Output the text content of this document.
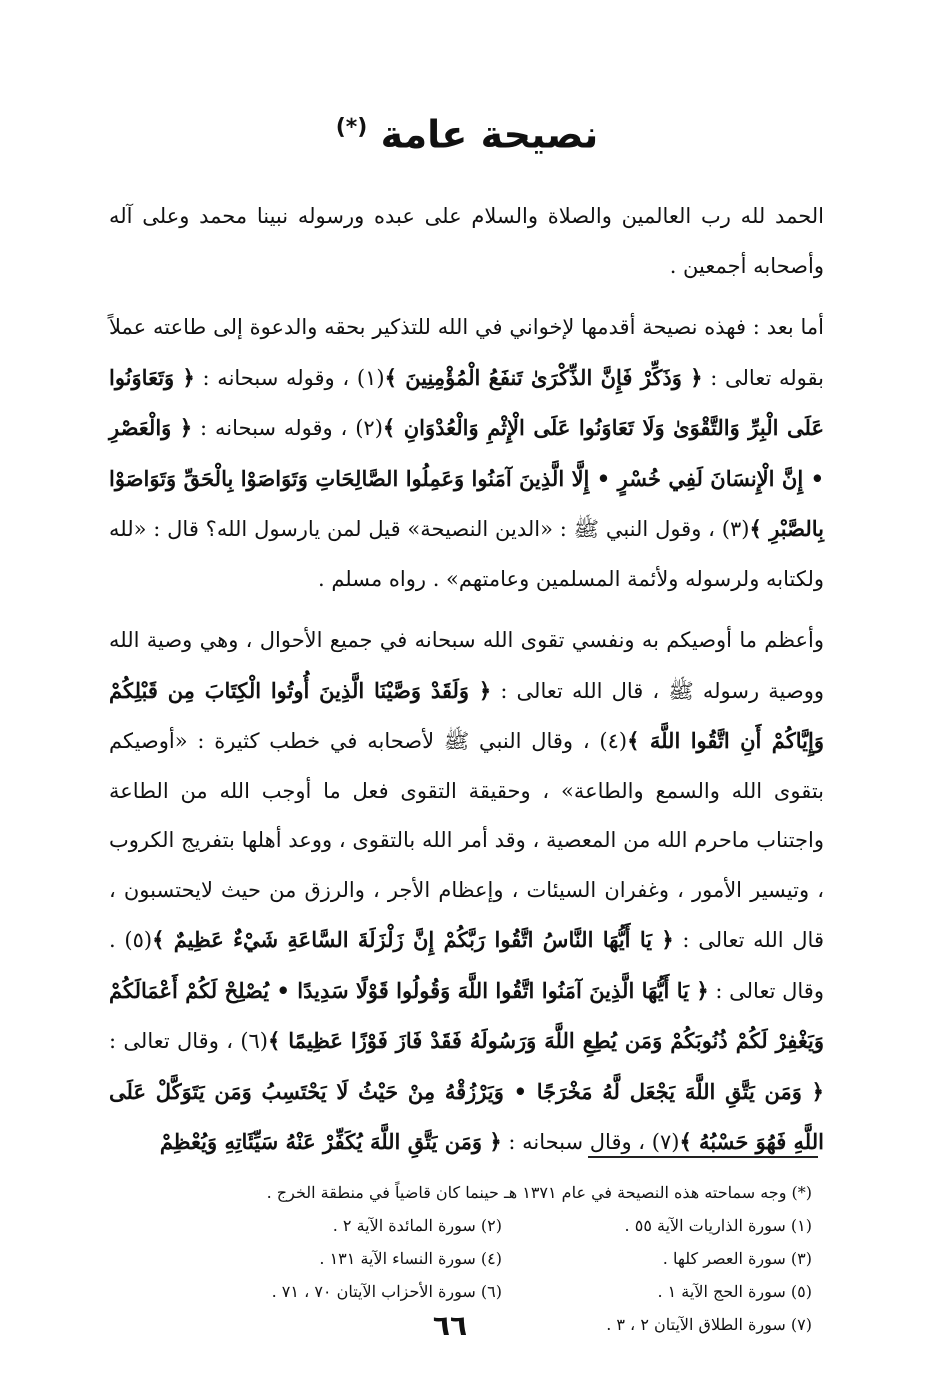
نصيحة عامة (*)

الحمد لله رب العالمين والصلاة والسلام على عبده ورسوله نبينا محمد وعلى آله وأصحابه أجمعين .

أما بعد : فهذه نصيحة أقدمها لإخواني في الله للتذكير بحقه والدعوة إلى طاعته عملاً بقوله تعالى : ﴿ وَذَكِّرْ فَإِنَّ الذِّكْرَىٰ تَنفَعُ الْمُؤْمِنِينَ ﴾(١) ، وقوله سبحانه : ﴿ وَتَعَاوَنُوا عَلَى الْبِرِّ وَالتَّقْوَىٰ وَلَا تَعَاوَنُوا عَلَى الْإِثْمِ وَالْعُدْوَانِ ﴾(٢) ، وقوله سبحانه : ﴿ وَالْعَصْرِ • إِنَّ الْإِنسَانَ لَفِي خُسْرٍ • إِلَّا الَّذِينَ آمَنُوا وَعَمِلُوا الصَّالِحَاتِ وَتَوَاصَوْا بِالْحَقِّ وَتَوَاصَوْا بِالصَّبْرِ ﴾(٣) ، وقول النبي ﷺ : «الدين النصيحة» قيل لمن يارسول الله؟ قال : «لله ولكتابه ولرسوله ولأئمة المسلمين وعامتهم» . رواه مسلم .

وأعظم ما أوصيكم به ونفسي تقوى الله سبحانه في جميع الأحوال ، وهي وصية الله ووصية رسوله ﷺ ، قال الله تعالى : ﴿ وَلَقَدْ وَصَّيْنَا الَّذِينَ أُوتُوا الْكِتَابَ مِن قَبْلِكُمْ وَإِيَّاكُمْ أَنِ اتَّقُوا اللَّهَ ﴾(٤) ، وقال النبي ﷺ لأصحابه في خطب كثيرة : «أوصيكم بتقوى الله والسمع والطاعة» ، وحقيقة التقوى فعل ما أوجب الله من الطاعة واجتناب ماحرم الله من المعصية ، وقد أمر الله بالتقوى ، ووعد أهلها بتفريج الكروب ، وتيسير الأمور ، وغفران السيئات ، وإعظام الأجر ، والرزق من حيث لايحتسبون ، قال الله تعالى : ﴿ يَا أَيُّهَا النَّاسُ اتَّقُوا رَبَّكُمْ إِنَّ زَلْزَلَةَ السَّاعَةِ شَيْءٌ عَظِيمٌ ﴾(٥) . وقال تعالى : ﴿ يَا أَيُّهَا الَّذِينَ آمَنُوا اتَّقُوا اللَّهَ وَقُولُوا قَوْلًا سَدِيدًا • يُصْلِحْ لَكُمْ أَعْمَالَكُمْ وَيَغْفِرْ لَكُمْ ذُنُوبَكُمْ وَمَن يُطِعِ اللَّهَ وَرَسُولَهُ فَقَدْ فَازَ فَوْزًا عَظِيمًا ﴾(٦) ، وقال تعالى : ﴿ وَمَن يَتَّقِ اللَّهَ يَجْعَل لَّهُ مَخْرَجًا • وَيَرْزُقْهُ مِنْ حَيْثُ لَا يَحْتَسِبُ وَمَن يَتَوَكَّلْ عَلَى اللَّهِ فَهُوَ حَسْبُهُ ﴾(٧) ، وقال سبحانه : ﴿ وَمَن يَتَّقِ اللَّهَ يُكَفِّرْ عَنْهُ سَيِّئَاتِهِ وَيُعْظِمْ

(*) وجه سماحته هذه النصيحة في عام ١٣٧١ هـ حينما كان قاضياً في منطقة الخرج .
(١) سورة الذاريات الآية ٥٥ .
(٢) سورة المائدة الآية ٢ .
(٣) سورة العصر كلها .
(٤) سورة النساء الآية ١٣١ .
(٥) سورة الحج الآية ١ .
(٦) سورة الأحزاب الآيتان ٧٠ ، ٧١ .
(٧) سورة الطلاق الآيتان ٢ ، ٣ .
٦٦
